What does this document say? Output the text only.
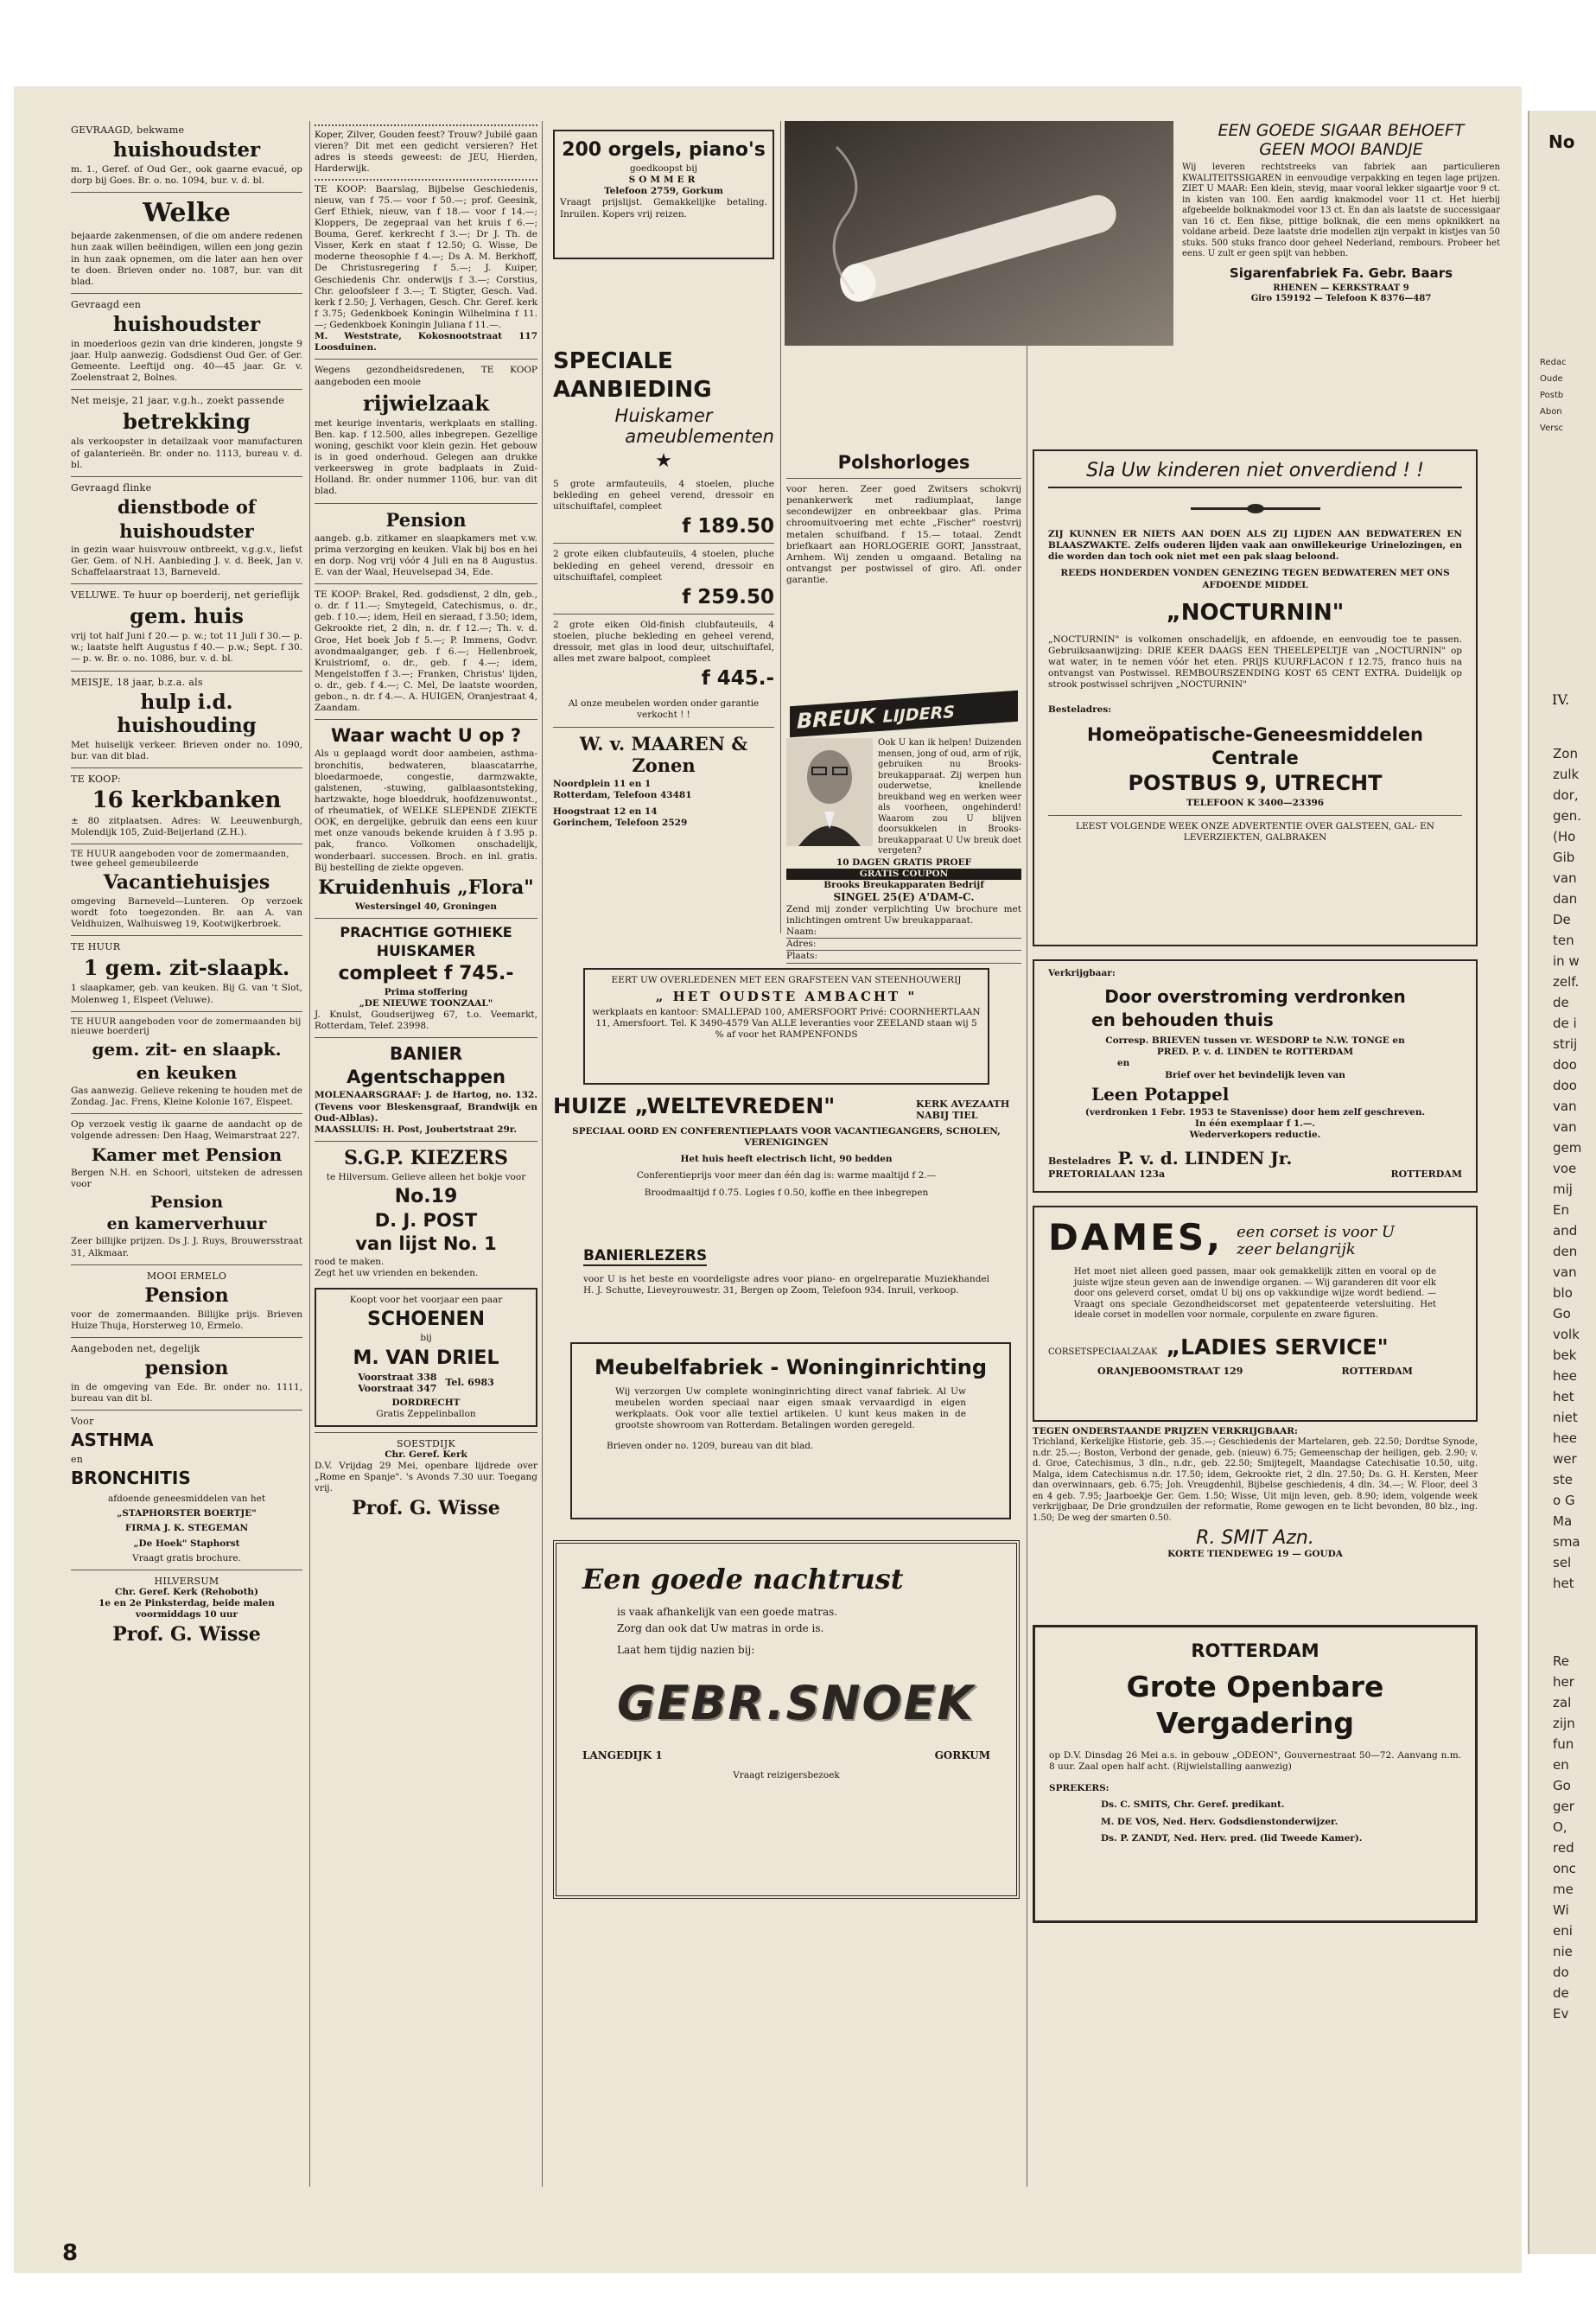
GEVRAAGD, bekwame
huishoudster

m. 1., Geref. of Oud Ger., ook gaarne evacué, op dorp bij Goes. Br. o. no. 1094, bur. v. d. bl.

Welke

bejaarde zakenmensen, of die om andere redenen hun zaak willen beëindigen, willen een jong gezin in hun zaak opnemen, om die later aan hen over te doen. Brieven onder no. 1087, bur. van dit blad.

Gevraagd een
huishoudster

in moederloos gezin van drie kinderen, jongste 9 jaar. Hulp aanwezig. Godsdienst Oud Ger. of Ger. Gemeente. Leeftijd ong. 40—45 jaar. Gr. v. Zoelenstraat 2, Bolnes.

Net meisje, 21 jaar, v.g.h., zoekt passende
betrekking

als verkoopster in detailzaak voor manufacturen of galanterieën. Br. onder no. 1113, bureau v. d. bl.

Gevraagd flinke
dienstbode of
huishoudster

in gezin waar huisvrouw ontbreekt, v.g.g.v., liefst Ger. Gem. of N.H. Aanbieding J. v. d. Beek, Jan v. Schaffelaarstraat 13, Barneveld.

VELUWE. Te huur op boerderij, net gerieflijk
gem. huis

vrij tot half Juni f 20.— p. w.; tot 11 Juli f 30.— p. w.; laatste helft Augustus f 40.— p.w.; Sept. f 30.— p. w. Br. o. no. 1086, bur. v. d. bl.

MEISJE, 18 jaar, b.z.a. als
hulp i.d. huishouding

Met huiselijk verkeer. Brieven onder no. 1090, bur. van dit blad.

TE KOOP:
16 kerkbanken

± 80 zitplaatsen. Adres: W. Leeuwenburgh, Molendijk 105, Zuid-Beijerland (Z.H.).

TE HUUR aangeboden voor de zomermaanden, twee geheel gemeubileerde
Vacantiehuisjes

omgeving Barneveld—Lunteren. Op verzoek wordt foto toegezonden. Br. aan A. van Veldhuizen, Walhuisweg 19, Kootwijkerbroek.

TE HUUR
1 gem. zit-slaapk.

1 slaapkamer, geb. van keuken. Bij G. van 't Slot, Molenweg 1, Elspeet (Veluwe).

TE HUUR aangeboden voor de zomermaanden bij nieuwe boerderij
gem. zit- en slaapk.
en keuken

Gas aanwezig. Gelieve rekening te houden met de Zondag. Jac. Frens, Kleine Kolonie 167, Elspeet.

Op verzoek vestig ik gaarne de aandacht op de volgende adressen: Den Haag, Weimarstraat 227.

Kamer met Pension

Bergen N.H. en Schoorl, uitsteken de adressen voor

Pension
en kamerverhuur

Zeer billijke prijzen. Ds J. J. Ruys, Brouwersstraat 31, Alkmaar.

MOOI ERMELO
Pension

voor de zomermaanden. Billijke prijs. Brieven Huize Thuja, Horsterweg 10, Ermelo.

Aangeboden net, degelijk
pension

in de omgeving van Ede. Br. onder no. 1111, bureau van dit bl.

Voor
ASTHMA
en
BRONCHITIS

afdoende geneesmiddelen van het

„STAPHORSTER BOERTJE"

FIRMA J. K. STEGEMAN

„De Hoek" Staphorst

Vraagt gratis brochure.

HILVERSUM

Chr. Geref. Kerk (Rehoboth)

1e en 2e Pinksterdag, beide malen voormiddags 10 uur

Prof. G. Wisse
8

Koper, Zilver, Gouden feest? Trouw? Jubilé gaan vieren? Dit met een gedicht versieren? Het adres is steeds geweest: de JEU, Hierden, Harderwijk.

TE KOOP: Baarslag, Bijbelse Geschiedenis, nieuw, van f 75.— voor f 50.—; prof. Geesink, Gerf Ethiek, nieuw, van f 18.— voor f 14.—; Kloppers, De zegepraal van het kruis f 6.—; Bouma, Geref. kerkrecht f 3.—; Dr J. Th. de Visser, Kerk en staat f 12.50; G. Wisse, De moderne theosophie f 4.—; Ds A. M. Berkhoff, De Christusregering f 5.—; J. Kuiper, Geschiedenis Chr. onderwijs f 3.—; Corstius, Chr. geloofsleer f 3.—; T. Stigter, Gesch. Vad. kerk f 2.50; J. Verhagen, Gesch. Chr. Geref. kerk f 3.75; Gedenkboek Koningin Wilhelmina f 11.—; Gedenkboek Koningin Juliana f 11.—.

M. Weststrate, Kokosnootstraat 117 Loosduinen.

Wegens gezondheidsredenen, TE KOOP aangeboden een mooie

rijwielzaak

met keurige inventaris, werkplaats en stalling. Ben. kap. f 12.500, alles inbegrepen. Gezellige woning, geschikt voor klein gezin. Het gebouw is in goed onderhoud. Gelegen aan drukke verkeersweg in grote badplaats in Zuid-Holland. Br. onder nummer 1106, bur. van dit blad.

Pension

aangeb. g.b. zitkamer en slaapkamers met v.w. prima verzorging en keuken. Vlak bij bos en hei en dorp. Nog vrij vóór 4 Juli en na 8 Augustus. E. van der Waal, Heuvelsepad 34, Ede.

TE KOOP: Brakel, Red. godsdienst, 2 dln, geb., o. dr. f 11.—; Smytegeld, Catechismus, o. dr., geb. f 10.—; idem, Heil en sieraad, f 3.50; idem, Gekrookte riet, 2 dln, n. dr. f 12.—; Th. v. d. Groe, Het boek Job f 5.—; P. Immens, Godvr. avondmaalganger, geb. f 6.—; Hellenbroek, Kruistriomf, o. dr., geb. f 4.—; idem, Mengelstoffen f 3.—; Franken, Christus' lijden, o. dr., geb. f 4.—; C. Mel, De laatste woorden, gebon., n. dr. f 4.—. A. HUIGEN, Oranjestraat 4, Zaandam.

Waar wacht U op ?

Als u geplaagd wordt door aambeien, asthma-bronchitis, bedwateren, blaascatarrhe, bloedarmoede, congestie, darmzwakte, galstenen, -stuwing, galblaasontsteking, hartzwakte, hoge bloeddruk, hoofdzenuwontst., of rheumatiek, of WELKE SLEPENDE ZIEKTE OOK, en dergelijke, gebruik dan eens een kuur met onze vanouds bekende kruiden à f 3.95 p. pak, franco. Volkomen onschadelijk, wonderbaarl. successen. Broch. en inl. gratis. Bij bestelling de ziekte opgeven.

Kruidenhuis „Flora"

Westersingel 40, Groningen

PRACHTIGE GOTHIEKE
HUISKAMER
compleet f 745.-

Prima stoffering

„DE NIEUWE TOONZAAL"

J. Knulst, Goudserijweg 67, t.o. Veemarkt, Rotterdam, Telef. 23998.

BANIER
Agentschappen

MOLENAARSGRAAF: J. de Hartog, no. 132. (Tevens voor Bleskensgraaf, Brandwijk en Oud-Alblas).

MAASSLUIS: H. Post, Joubertstraat 29r.

S.G.P. KIEZERS

te Hilversum. Gelieve alleen het bokje voor

No.19
D. J. POST
van lijst No. 1

rood te maken.

Zegt het uw vrienden en bekenden.

Koopt voor het voorjaar een paar

SCHOENEN

bij

M. VAN DRIEL
Voorstraat 338
Voorstraat 347 Tel. 6983

DORDRECHT

Gratis Zeppelinballon

SOESTDIJK

Chr. Geref. Kerk

D.V. Vrijdag 29 Mei, openbare lijdrede over „Rome en Spanje". 's Avonds 7.30 uur. Toegang vrij.

Prof. G. Wisse
200 orgels, piano's

goedkoopst bij

SOMMER

Telefoon 2759, Gorkum

Vraagt prijslijst. Gemakkelijke betaling. Inruilen. Kopers vrij reizen.

SPECIALE
AANBIEDING
Huiskamer
ameublementen
★

5 grote armfauteuils, 4 stoelen, pluche bekleding en geheel verend, dressoir en uitschuiftafel, compleet

f 189.50

2 grote eiken clubfauteuils, 4 stoelen, pluche bekleding en geheel verend, dressoir en uitschuiftafel, compleet

f 259.50

2 grote eiken Old-finish clubfauteuils, 4 stoelen, pluche bekleding en geheel verend, dressoir, met glas in lood deur, uitschuiftafel, alles met zware balpoot, compleet

f 445.-

Al onze meubelen worden onder garantie verkocht ! !

W. v. MAAREN & Zonen

Noordplein 11 en 1

Rotterdam, Telefoon 43481

Hoogstraat 12 en 14

Gorinchem, Telefoon 2529

Polshorloges

voor heren. Zeer goed Zwitsers schokvrij penankerwerk met radiumplaat, lange secondewijzer en onbreekbaar glas. Prima chroomuitvoering met echte „Fischer" roestvrij metalen schuifband. f 15.— totaal. Zendt briefkaart aan HORLOGERIE GORT, Jansstraat, Arnhem. Wij zenden u omgaand. Betaling na ontvangst per postwissel of giro. Afl. onder garantie.

BREUK LIJDERS

Ook U kan ik helpen! Duizenden mensen, jong of oud, arm of rijk, gebruiken nu Brooks-breukapparaat. Zij werpen hun ouderwetse, knellende breukband weg en werken weer als voorheen, ongehinderd! Waarom zou U blijven doorsukkelen in Brooks-breukapparaat U Uw breuk doet vergeten?

10 DAGEN GRATIS PROEF

GRATIS COUPON

Brooks Breukapparaten Bedrijf

SINGEL 25(E) A'DAM-C.

Zend mij zonder verplichting Uw brochure met inlichtingen omtrent Uw breukapparaat.

Naam:

Adres:

Plaats:

EERT UW OVERLEDENEN MET EEN GRAFSTEEN VAN STEENHOUWERIJ

„ HET OUDSTE AMBACHT "

werkplaats en kantoor: SMALLEPAD 100, AMERSFOORT Privé: COORNHERTLAAN 11, Amersfoort. Tel. K 3490-4579 Van ALLE leveranties voor ZEELAND staan wij 5 % af voor het RAMPENFONDS

HUIZE „WELTEVREDEN"	KERK AVEZAATH NABIJ TIEL

SPECIAAL OORD EN CONFERENTIEPLAATS VOOR VACANTIEGANGERS, SCHOLEN, VERENIGINGEN

Het huis heeft electrisch licht, 90 bedden

Conferentieprijs voor meer dan één dag is: warme maaltijd f 2.—

Broodmaaltijd f 0.75. Logies f 0.50, koffie en thee inbegrepen

BANIERLEZERS

voor U is het beste en voordeligste adres voor piano- en orgelreparatie Muziekhandel H. J. Schutte, Lieveyrouwestr. 31, Bergen op Zoom, Telefoon 934. Inruil, verkoop.

Meubelfabriek - Woninginrichting

Wij verzorgen Uw complete woninginrichting direct vanaf fabriek. Al Uw meubelen worden speciaal naar eigen smaak vervaardigd in eigen werkplaats. Ook voor alle textiel artikelen. U kunt keus maken in de grootste showroom van Rotterdam. Betalingen worden geregeld.

Brieven onder no. 1209, bureau van dit blad.

Een goede nachtrust

is vaak afhankelijk van een goede matras.

Zorg dan ook dat Uw matras in orde is.

Laat hem tijdig nazien bij:

GEBR.SNOEK
LANGEDIJK 1	GORKUM

Vraagt reizigersbezoek

EEN GOEDE SIGAAR BEHOEFT
GEEN MOOI BANDJE

Wij leveren rechtstreeks van fabriek aan particulieren KWALITEITSSIGAREN in eenvoudige verpakking en tegen lage prijzen. ZIET U MAAR: Een klein, stevig, maar vooral lekker sigaartje voor 9 ct. in kisten van 100. Een aardig knakmodel voor 11 ct. Het hierbij afgebeelde bolknakmodel voor 13 ct. En dan als laatste de successigaar van 16 ct. Een fikse, pittige bolknak, die een mens opknikkert na voldane arbeid. Deze laatste drie modellen zijn verpakt in kistjes van 50 stuks. 500 stuks franco door geheel Nederland, rembours. Probeer het eens. U zult er geen spijt van hebben.

Sigarenfabriek Fa. Gebr. Baars

RHENEN — KERKSTRAAT 9

Giro 159192 — Telefoon K 8376—487

Sla Uw kinderen niet onverdiend ! !

ZIJ KUNNEN ER NIETS AAN DOEN ALS ZIJ LIJDEN AAN BEDWATEREN EN BLAASZWAKTE. Zelfs ouderen lijden vaak aan onwillekeurige Urinelozingen, en die worden dan toch ook niet met een pak slaag beloond.

REEDS HONDERDEN VONDEN GENEZING TEGEN BEDWATEREN MET ONS AFDOENDE MIDDEL

„NOCTURNIN"

„NOCTURNIN" is volkomen onschadelijk, en afdoende, en eenvoudig toe te passen. Gebruiksaanwijzing: DRIE KEER DAAGS EEN THEELEPELTJE van „NOCTURNIN" op wat water, in te nemen vóór het eten. PRIJS KUURFLACON f 12.75, franco huis na ontvangst van Postwissel. REMBOURSZENDING KOST 65 CENT EXTRA. Duidelijk op strook postwissel schrijven „NOCTURNIN"

Besteladres:

Homeöpatische-Geneesmiddelen
Centrale
POSTBUS 9, UTRECHT

TELEFOON K 3400—23396

LEEST VOLGENDE WEEK ONZE ADVERTENTIE OVER GALSTEEN, GAL- EN LEVERZIEKTEN, GALBRAKEN

Verkrijgbaar:

Door overstroming verdronken
en behouden thuis

Corresp. BRIEVEN tussen vr. WESDORP te N.W. TONGE en

PRED. P. v. d. LINDEN te ROTTERDAM

en

Brief over het bevindelijk leven van

Leen Potappel

(verdronken 1 Febr. 1953 te Stavenisse) door hem zelf geschreven.

In één exemplaar f 1.—.

Wederverkopers reductie.

Besteladres P. v. d. LINDEN Jr.
PRETORIALAAN 123a	ROTTERDAM
DAMES, een corset is voor U
zeer belangrijk

Het moet niet alleen goed passen, maar ook gemakkelijk zitten en vooral op de juiste wijze steun geven aan de inwendige organen. — Wij garanderen dit voor elk door ons geleverd corset, omdat U bij ons op vakkundige wijze wordt bediend. — Vraagt ons speciale Gezondheidscorset met gepatenteerde vetersluiting. Het ideale corset in modellen voor normale, corpulente en zware figuren.

CORSETSPECIAALZAAK „LADIES SERVICE"
ORANJEBOOMSTRAAT 129	ROTTERDAM

TEGEN ONDERSTAANDE PRIJZEN VERKRIJGBAAR:

Trichland, Kerkelijke Historie, geb. 35.—; Geschiedenis der Martelaren, geb. 22.50; Dordtse Synode, n.dr. 25.—; Boston, Verbond der genade, geb. (nieuw) 6.75; Gemeenschap der heiligen, geb. 2.90; v. d. Groe, Catechismus, 3 dln., n.dr., geb. 22.50; Smijtegelt, Maandagse Catechisatie 10.50, uitg. Malga, idem Catechismus n.dr. 17.50; idem, Gekrookte riet, 2 dln. 27.50; Ds. G. H. Kersten, Meer dan overwinnaars, geb. 6.75; Joh. Vreugdenhil, Bijbelse geschiedenis, 4 dln. 34.—; W. Floor, deel 3 en 4 geb. 7.95; Jaarboekje Ger. Gem. 1.50; Wisse, Uit mijn leven, geb. 8.90; idem, volgende week verkrijgbaar, De Drie grondzuilen der reformatie, Rome gewogen en te licht bevonden, 80 blz., ing. 1.50; De weg der smarten 0.50.

R. SMIT Azn.

KORTE TIENDEWEG 19 — GOUDA

ROTTERDAM
Grote Openbare
Vergadering

op D.V. Dinsdag 26 Mei a.s. in gebouw „ODEON", Gouvernestraat 50—72. Aanvang n.m. 8 uur. Zaal open half acht. (Rijwielstalling aanwezig)

SPREKERS:

Ds. C. SMITS, Chr. Geref. predikant.

M. DE VOS, Ned. Herv. Godsdienstonderwijzer.

Ds. P. ZANDT, Ned. Herv. pred. (lid Tweede Kamer).

No
Redac
Oude
Postb
Abon
Versc
IV.
Zon
zulk
dor,
gen.
(Ho
Gib
van
dan
De
ten
in w
zelf.
de
de i
strij
doo
doo
van
van
gem
voe
mij
En
and
den
van
blo
Go
volk
bek
hee
het
niet
hee
wer
ste
o G
Ma
sma
sel
het
Re
her
zal
zijn
fun
en
Go
ger
O,
red
onc
me
Wi
eni
nie
do
de
Ev
